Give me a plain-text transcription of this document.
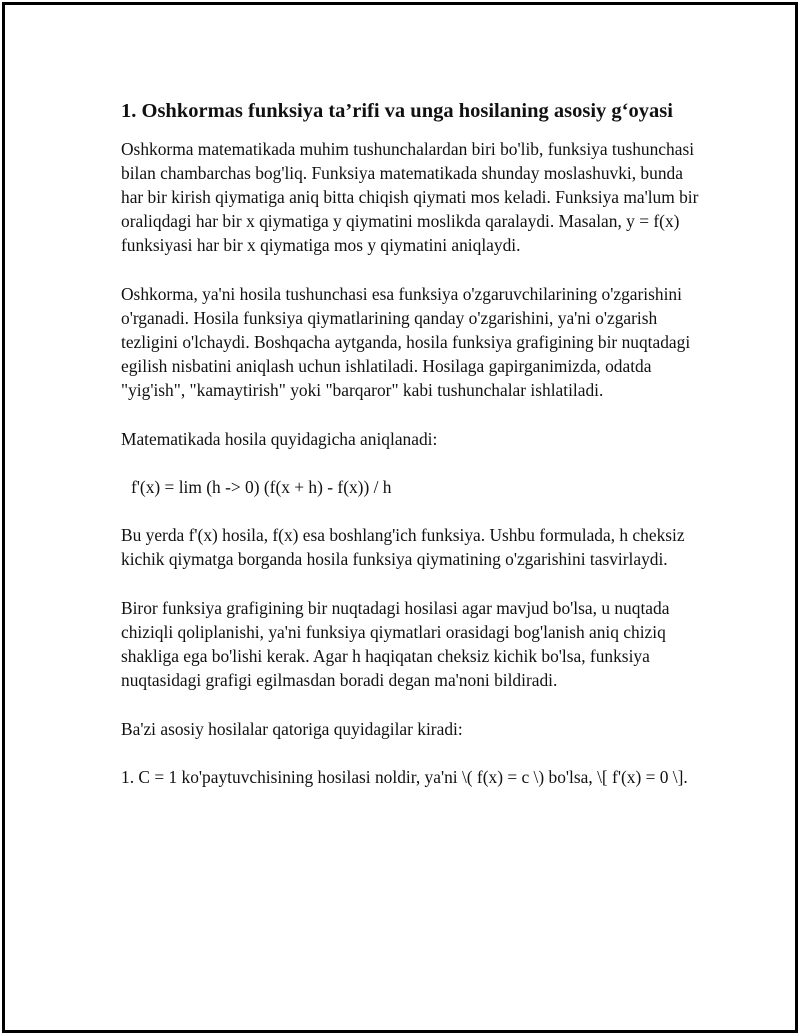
1. Oshkormas funksiya ta’rifi va unga hosilaning asosiy g‘oyasi

Oshkorma matematikada muhim tushunchalardan biri bo'lib, funksiya tushunchasi bilan chambarchas bog'liq. Funksiya matematikada shunday moslashuvki, bunda har bir kirish qiymatiga aniq bitta chiqish qiymati mos keladi. Funksiya ma'lum bir oraliqdagi har bir x qiymatiga y qiymatini moslikda qaralaydi. Masalan, y = f(x) funksiyasi har bir x qiymatiga mos y qiymatini aniqlaydi.

Oshkorma, ya'ni hosila tushunchasi esa funksiya o'zgaruvchilarining o'zgarishini o'rganadi. Hosila funksiya qiymatlarining qanday o'zgarishini, ya'ni o'zgarish tezligini o'lchaydi. Boshqacha aytganda, hosila funksiya grafigining bir nuqtadagi egilish nisbatini aniqlash uchun ishlatiladi. Hosilaga gapirganimizda, odatda "yig'ish", "kamaytirish" yoki "barqaror" kabi tushunchalar ishlatiladi.

Matematikada hosila quyidagicha aniqlanadi:

f'(x) = lim (h -> 0) (f(x + h) - f(x)) / h

Bu yerda f'(x) hosila, f(x) esa boshlang'ich funksiya. Ushbu formulada, h cheksiz kichik qiymatga borganda hosila funksiya qiymatining o'zgarishini tasvirlaydi.

Biror funksiya grafigining bir nuqtadagi hosilasi agar mavjud bo'lsa, u nuqtada chiziqli qoliplanishi, ya'ni funksiya qiymatlari orasidagi bog'lanish aniq chiziq shakliga ega bo'lishi kerak. Agar h haqiqatan cheksiz kichik bo'lsa, funksiya nuqtasidagi grafigi egilmasdan boradi degan ma'noni bildiradi.

Ba'zi asosiy hosilalar qatoriga quyidagilar kiradi:

1. C = 1 ko'paytuvchisining hosilasi noldir, ya'ni \( f(x) = c \) bo'lsa, \[ f'(x) = 0 \].
